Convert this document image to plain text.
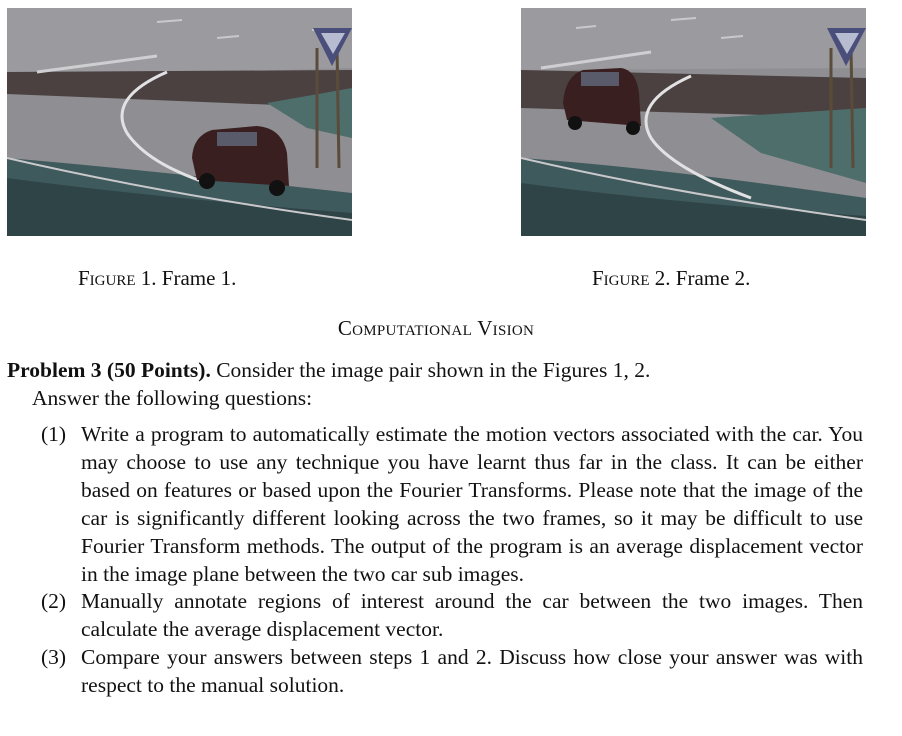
Figure 1. Frame 1.	Figure 2. Frame 2.
Computational Vision
Problem 3 (50 Points). Consider the image pair shown in the Figures 1, 2.
Answer the following questions:
(1) Write a program to automatically estimate the motion vectors associated with the car. You may choose to use any technique you have learnt thus far in the class. It can be either based on features or based upon the Fourier Transforms. Please note that the image of the car is significantly different looking across the two frames, so it may be difficult to use Fourier Transform methods. The output of the program is an average displacement vector in the image plane between the two car sub images.
(2) Manually annotate regions of interest around the car between the two images. Then calculate the average displacement vector.
(3) Compare your answers between steps 1 and 2. Discuss how close your answer was with respect to the manual solution.
